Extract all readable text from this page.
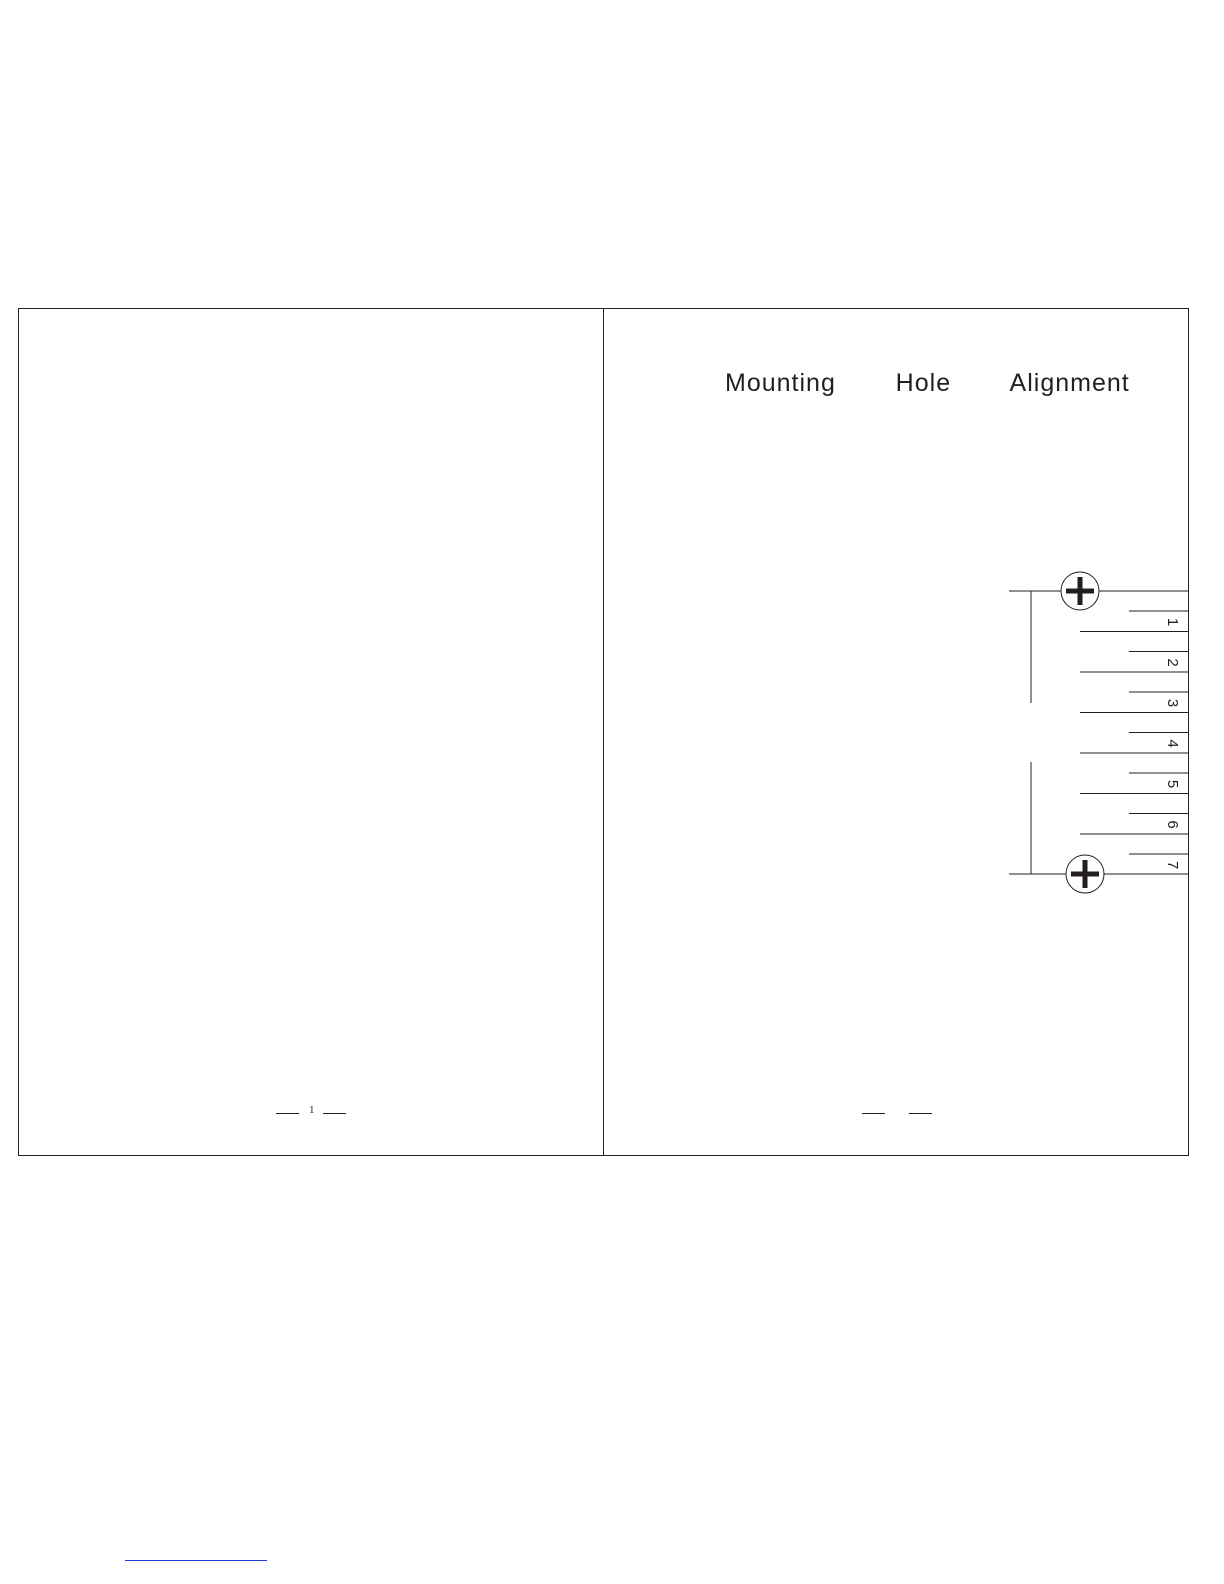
Mounting   Hole   Alignment
1
1
2
3
4
5
6
7
